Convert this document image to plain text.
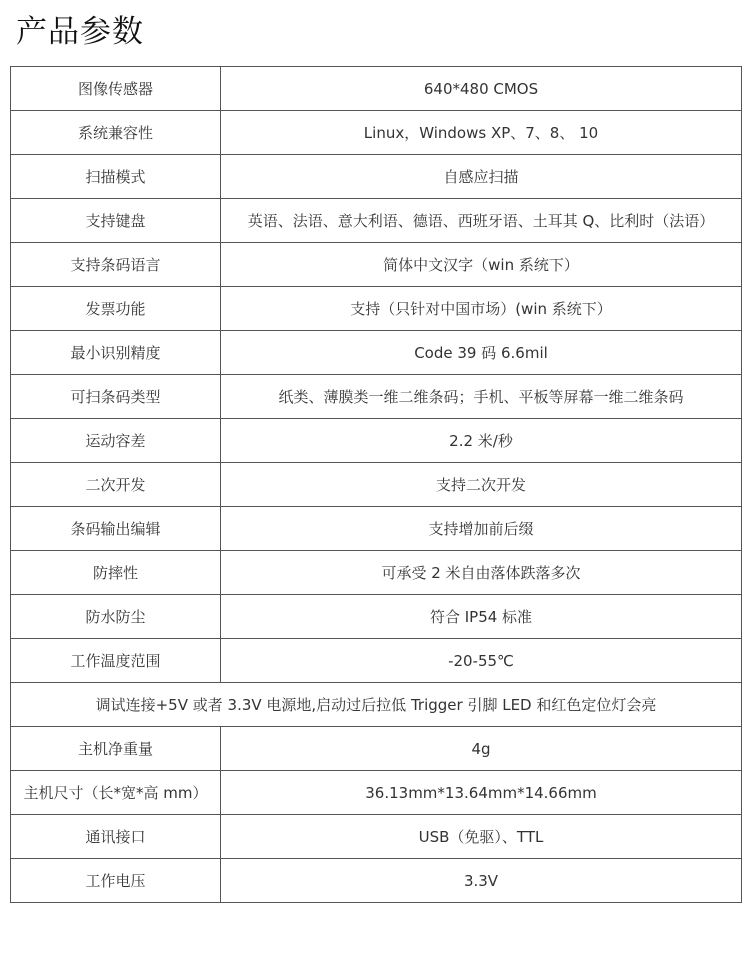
产品参数
图像传感器	640*480 CMOS
系统兼容性	Linux，Windows XP、7、8、 10
扫描模式	自感应扫描
支持键盘	英语、法语、意大利语、德语、西班牙语、土耳其 Q、比利时（法语）
支持条码语言	简体中文汉字（win 系统下）
发票功能	支持（只针对中国市场）(win 系统下）
最小识别精度	Code 39 码 6.6mil
可扫条码类型	纸类、薄膜类一维二维条码；手机、平板等屏幕一维二维条码
运动容差	2.2 米/秒
二次开发	支持二次开发
条码输出编辑	支持增加前后缀
防摔性	可承受 2 米自由落体跌落多次
防水防尘	符合 IP54 标准
工作温度范围	-20-55℃
调试连接+5V 或者 3.3V 电源地,启动过后拉低 Trigger 引脚 LED 和红色定位灯会亮	
主机净重量	4g
主机尺寸（长*宽*高 mm）	36.13mm*13.64mm*14.66mm
通讯接口	USB（免驱）、TTL
工作电压	3.3V
